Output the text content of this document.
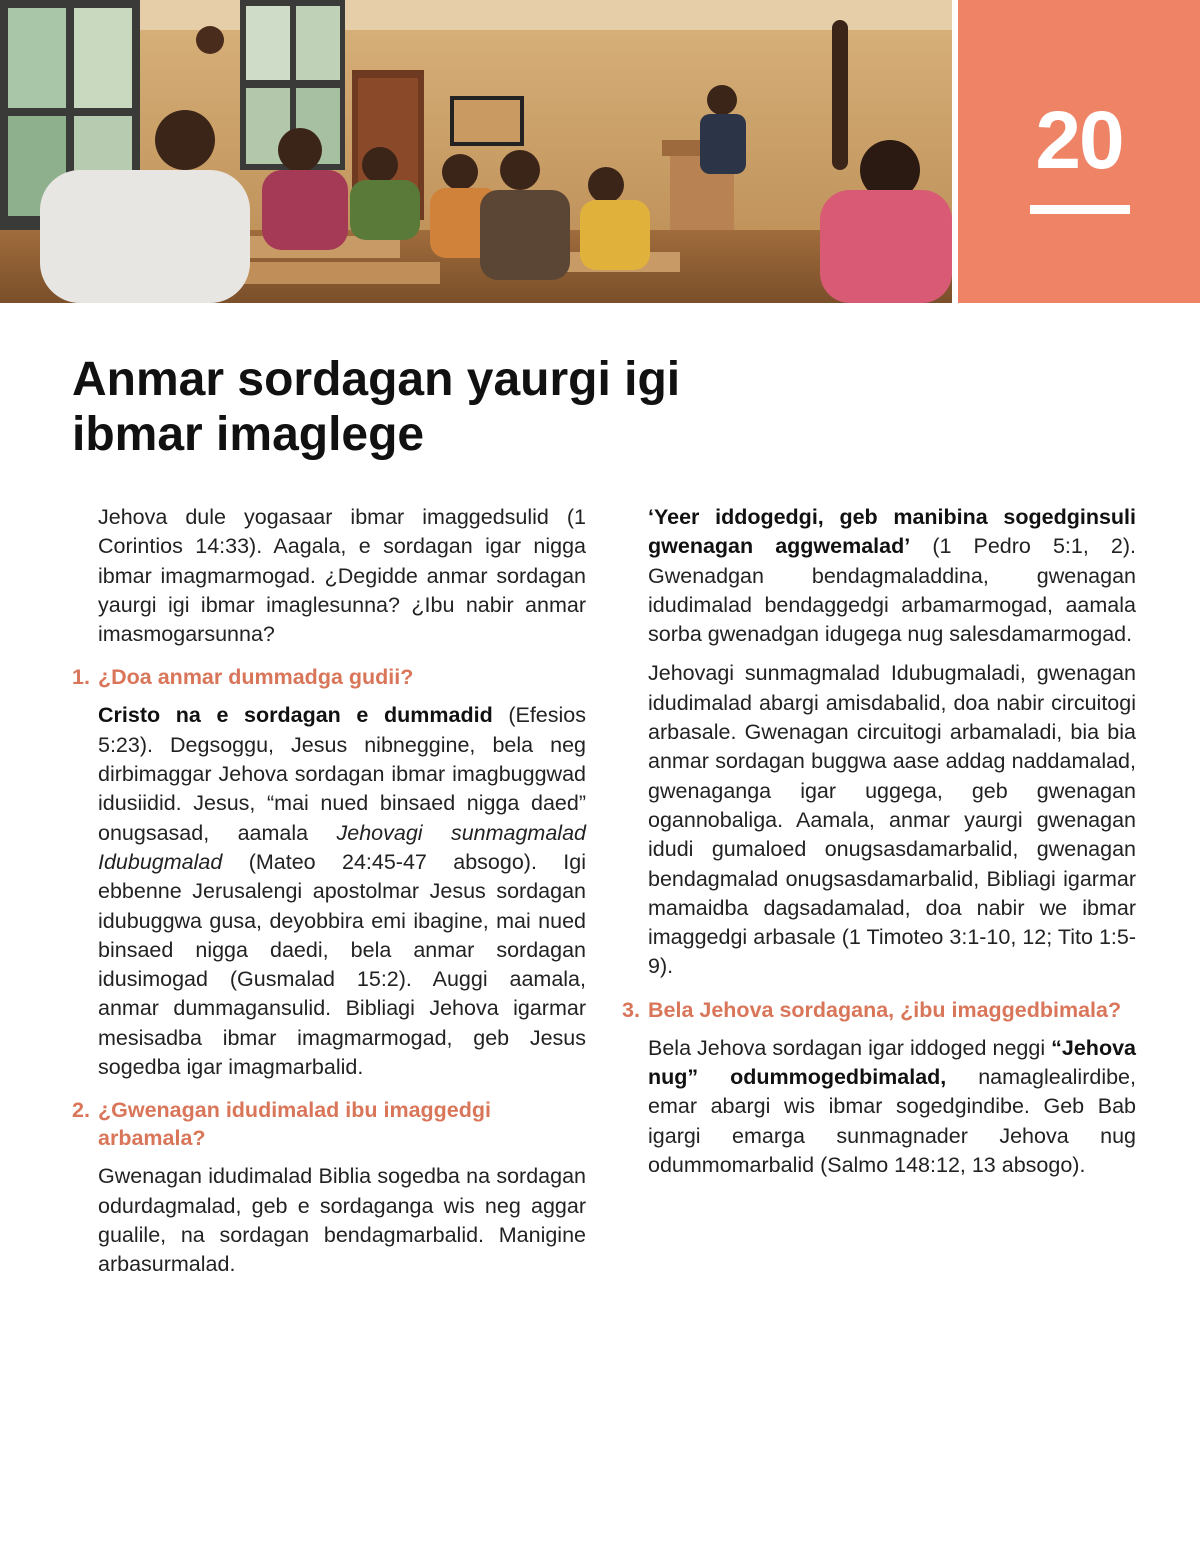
20
Anmar sordagan yaurgi igi ibmar imaglege

Jehova dule yogasaar ibmar imaggedsulid (1 Corintios 14:33). Aagala, e sordagan igar nigga ibmar imagmarmogad. ¿Degidde anmar sordagan yaurgi igi ibmar imaglesunna? ¿Ibu nabir anmar imasmogarsunna?

1. ¿Doa anmar dummadga gudii?

Cristo na e sordagan e dummadid (Efesios 5:23). Degsoggu, Jesus nibneggine, bela neg dirbimaggar Jehova sordagan ibmar imagbuggwad idusiidid. Jesus, “mai nued binsaed nigga daed” onugsasad, aamala Jehovagi sunmagmalad Idubugmalad (Mateo 24:45-47 absogo). Igi ebbenne Jerusalengi apostolmar Jesus sordagan idubuggwa gusa, deyobbira emi ibagine, mai nued binsaed nigga daedi, bela anmar sordagan idusimogad (Gusmalad 15:2). Auggi aamala, anmar dummagansulid. Bibliagi Jehova igarmar mesisadba ibmar imagmarmogad, geb Jesus sogedba igar imagmarbalid.

2. ¿Gwenagan idudimalad ibu imaggedgi arbamala?

Gwenagan idudimalad Biblia sogedba na sordagan odurdagmalad, geb e sordaganga wis neg aggar gualile, na sordagan bendagmarbalid. Manigine arbasurmalad.

‘Yeer iddogedgi, geb manibina sogedginsuli gwenagan aggwemalad’ (1 Pedro 5:1, 2). Gwenadgan bendagmaladdina, gwenagan idudimalad bendaggedgi arbamarmogad, aamala sorba gwenadgan idugega nug salesdamarmogad.

Jehovagi sunmagmalad Idubugmaladi, gwenagan idudimalad abargi amisdabalid, doa nabir circuitogi arbasale. Gwenagan circuitogi arbamaladi, bia bia anmar sordagan buggwa aase addag naddamalad, gwenaganga igar uggega, geb gwenagan ogannobaliga. Aamala, anmar yaurgi gwenagan idudi gumaloed onugsasdamarbalid, gwenagan bendagmalad onugsasdamarbalid, Bibliagi igarmar mamaidba dagsadamalad, doa nabir we ibmar imaggedgi arbasale (1 Timoteo 3:1-10, 12; Tito 1:5-9).

3. Bela Jehova sordagana, ¿ibu imaggedbimala?

Bela Jehova sordagan igar iddoged neggi “Jehova nug” odummogedbimalad, namaglealirdibe, emar abargi wis ibmar sogedgindibe. Geb Bab igargi emarga sunmagnader Jehova nug odummomarbalid (Salmo 148:12, 13 absogo).
